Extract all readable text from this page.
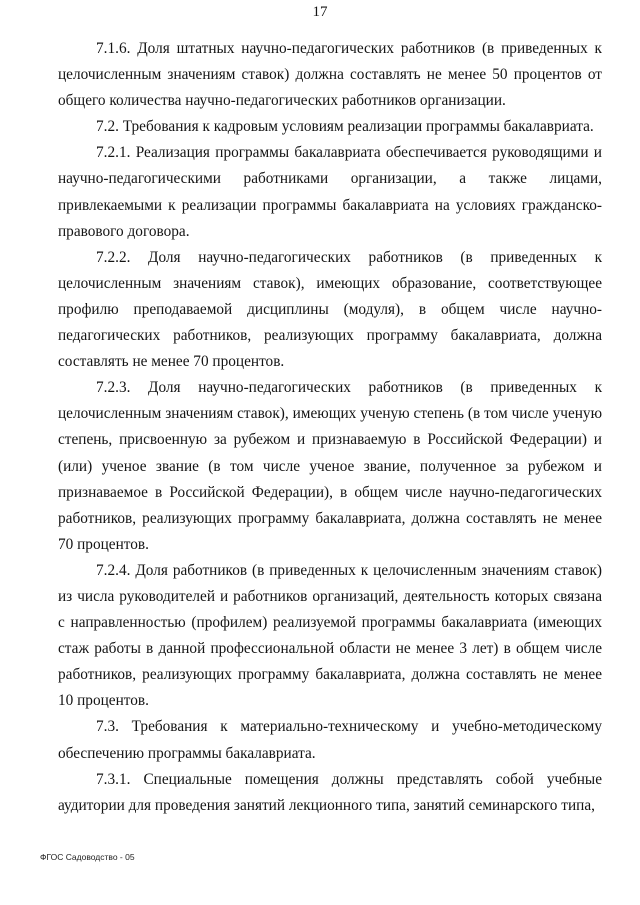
17

7.1.6. Доля штатных научно-педагогических работников (в приведенных к целочисленным значениям ставок) должна составлять не менее 50 процентов от общего количества научно-педагогических работников организации.

7.2. Требования к кадровым условиям реализации программы бакалавриата.

7.2.1. Реализация программы бакалавриата обеспечивается руководящими и научно-педагогическими работниками организации, а также лицами, привлекаемыми к реализации программы бакалавриата на условиях гражданско-правового договора.

7.2.2. Доля научно-педагогических работников (в приведенных к целочисленным значениям ставок), имеющих образование, соответствующее профилю преподаваемой дисциплины (модуля), в общем числе научно-педагогических работников, реализующих программу бакалавриата, должна составлять не менее 70 процентов.

7.2.3. Доля научно-педагогических работников (в приведенных к целочисленным значениям ставок), имеющих ученую степень (в том числе ученую степень, присвоенную за рубежом и признаваемую в Российской Федерации) и (или) ученое звание (в том числе ученое звание, полученное за рубежом и признаваемое в Российской Федерации), в общем числе научно-педагогических работников, реализующих программу бакалавриата, должна составлять не менее 70 процентов.

7.2.4. Доля работников (в приведенных к целочисленным значениям ставок) из числа руководителей и работников организаций, деятельность которых связана с направленностью (профилем) реализуемой программы бакалавриата (имеющих стаж работы в данной профессиональной области не менее 3 лет) в общем числе работников, реализующих программу бакалавриата, должна составлять не менее 10 процентов.

7.3. Требования к материально-техническому и учебно-методическому обеспечению программы бакалавриата.

7.3.1. Специальные помещения должны представлять собой учебные аудитории для проведения занятий лекционного типа, занятий семинарского типа,

ФГОС Садоводство - 05
